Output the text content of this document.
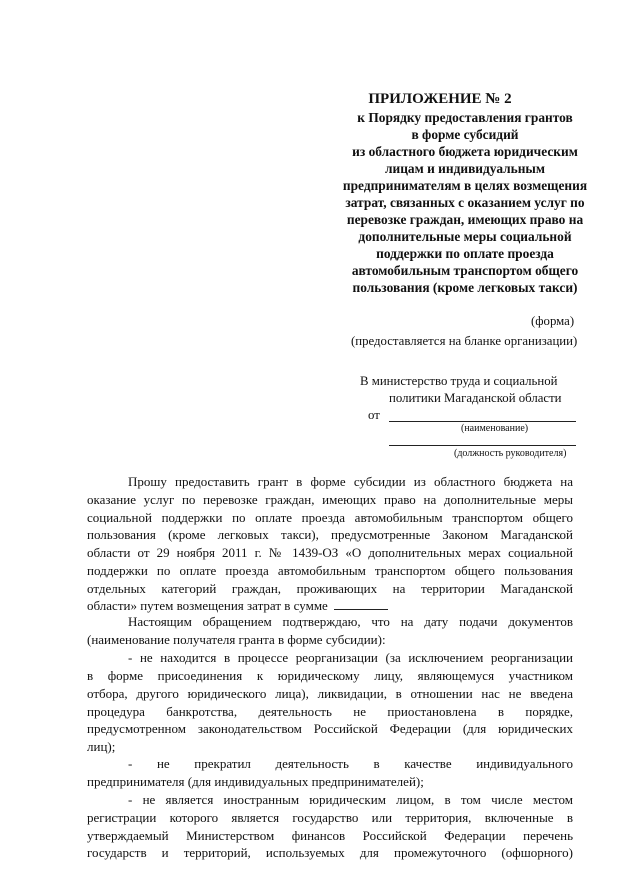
ПРИЛОЖЕНИЕ № 2
к Порядку предоставления грантов
в форме субсидий
из областного бюджета юридическим
лицам и индивидуальным
предпринимателям в целях возмещения
затрат, связанных с оказанием услуг по
перевозке граждан, имеющих право на
дополнительные меры социальной
поддержки по оплате проезда
автомобильным транспортом общего
пользования (кроме легковых такси)
(форма)
(предоставляется на бланке организации)
В министерство труда и социальной
политики Магаданской области
от
(наименование)
(должность руководителя)
Прошу предоставить грант в форме субсидии из областного бюджета на
оказание услуг по перевозке граждан, имеющих право на дополнительные меры
социальной поддержки по оплате проезда автомобильным транспортом общего
пользования (кроме легковых такси), предусмотренные Законом Магаданской
области от 29 ноября 2011 г. № 1439-ОЗ «О дополнительных мерах социальной
поддержки по оплате проезда автомобильным транспортом общего пользования
отдельных категорий граждан, проживающих на территории Магаданской
области» путем возмещения затрат в сумме
Настоящим обращением подтверждаю, что на дату подачи документов
(наименование получателя гранта в форме субсидии):
- не находится в процессе реорганизации (за исключением реорганизации
в форме присоединения к юридическому лицу, являющемуся участником
отбора, другого юридического лица), ликвидации, в отношении нас не введена
процедура банкротства, деятельность не приостановлена в порядке,
предусмотренном законодательством Российской Федерации (для юридических
лиц);
- не прекратил деятельность в качестве индивидуального
предпринимателя (для индивидуальных предпринимателей);
- не является иностранным юридическим лицом, в том числе местом
регистрации которого является государство или территория, включенные в
утверждаемый Министерством финансов Российской Федерации перечень
государств и территорий, используемых для промежуточного (офшорного)
